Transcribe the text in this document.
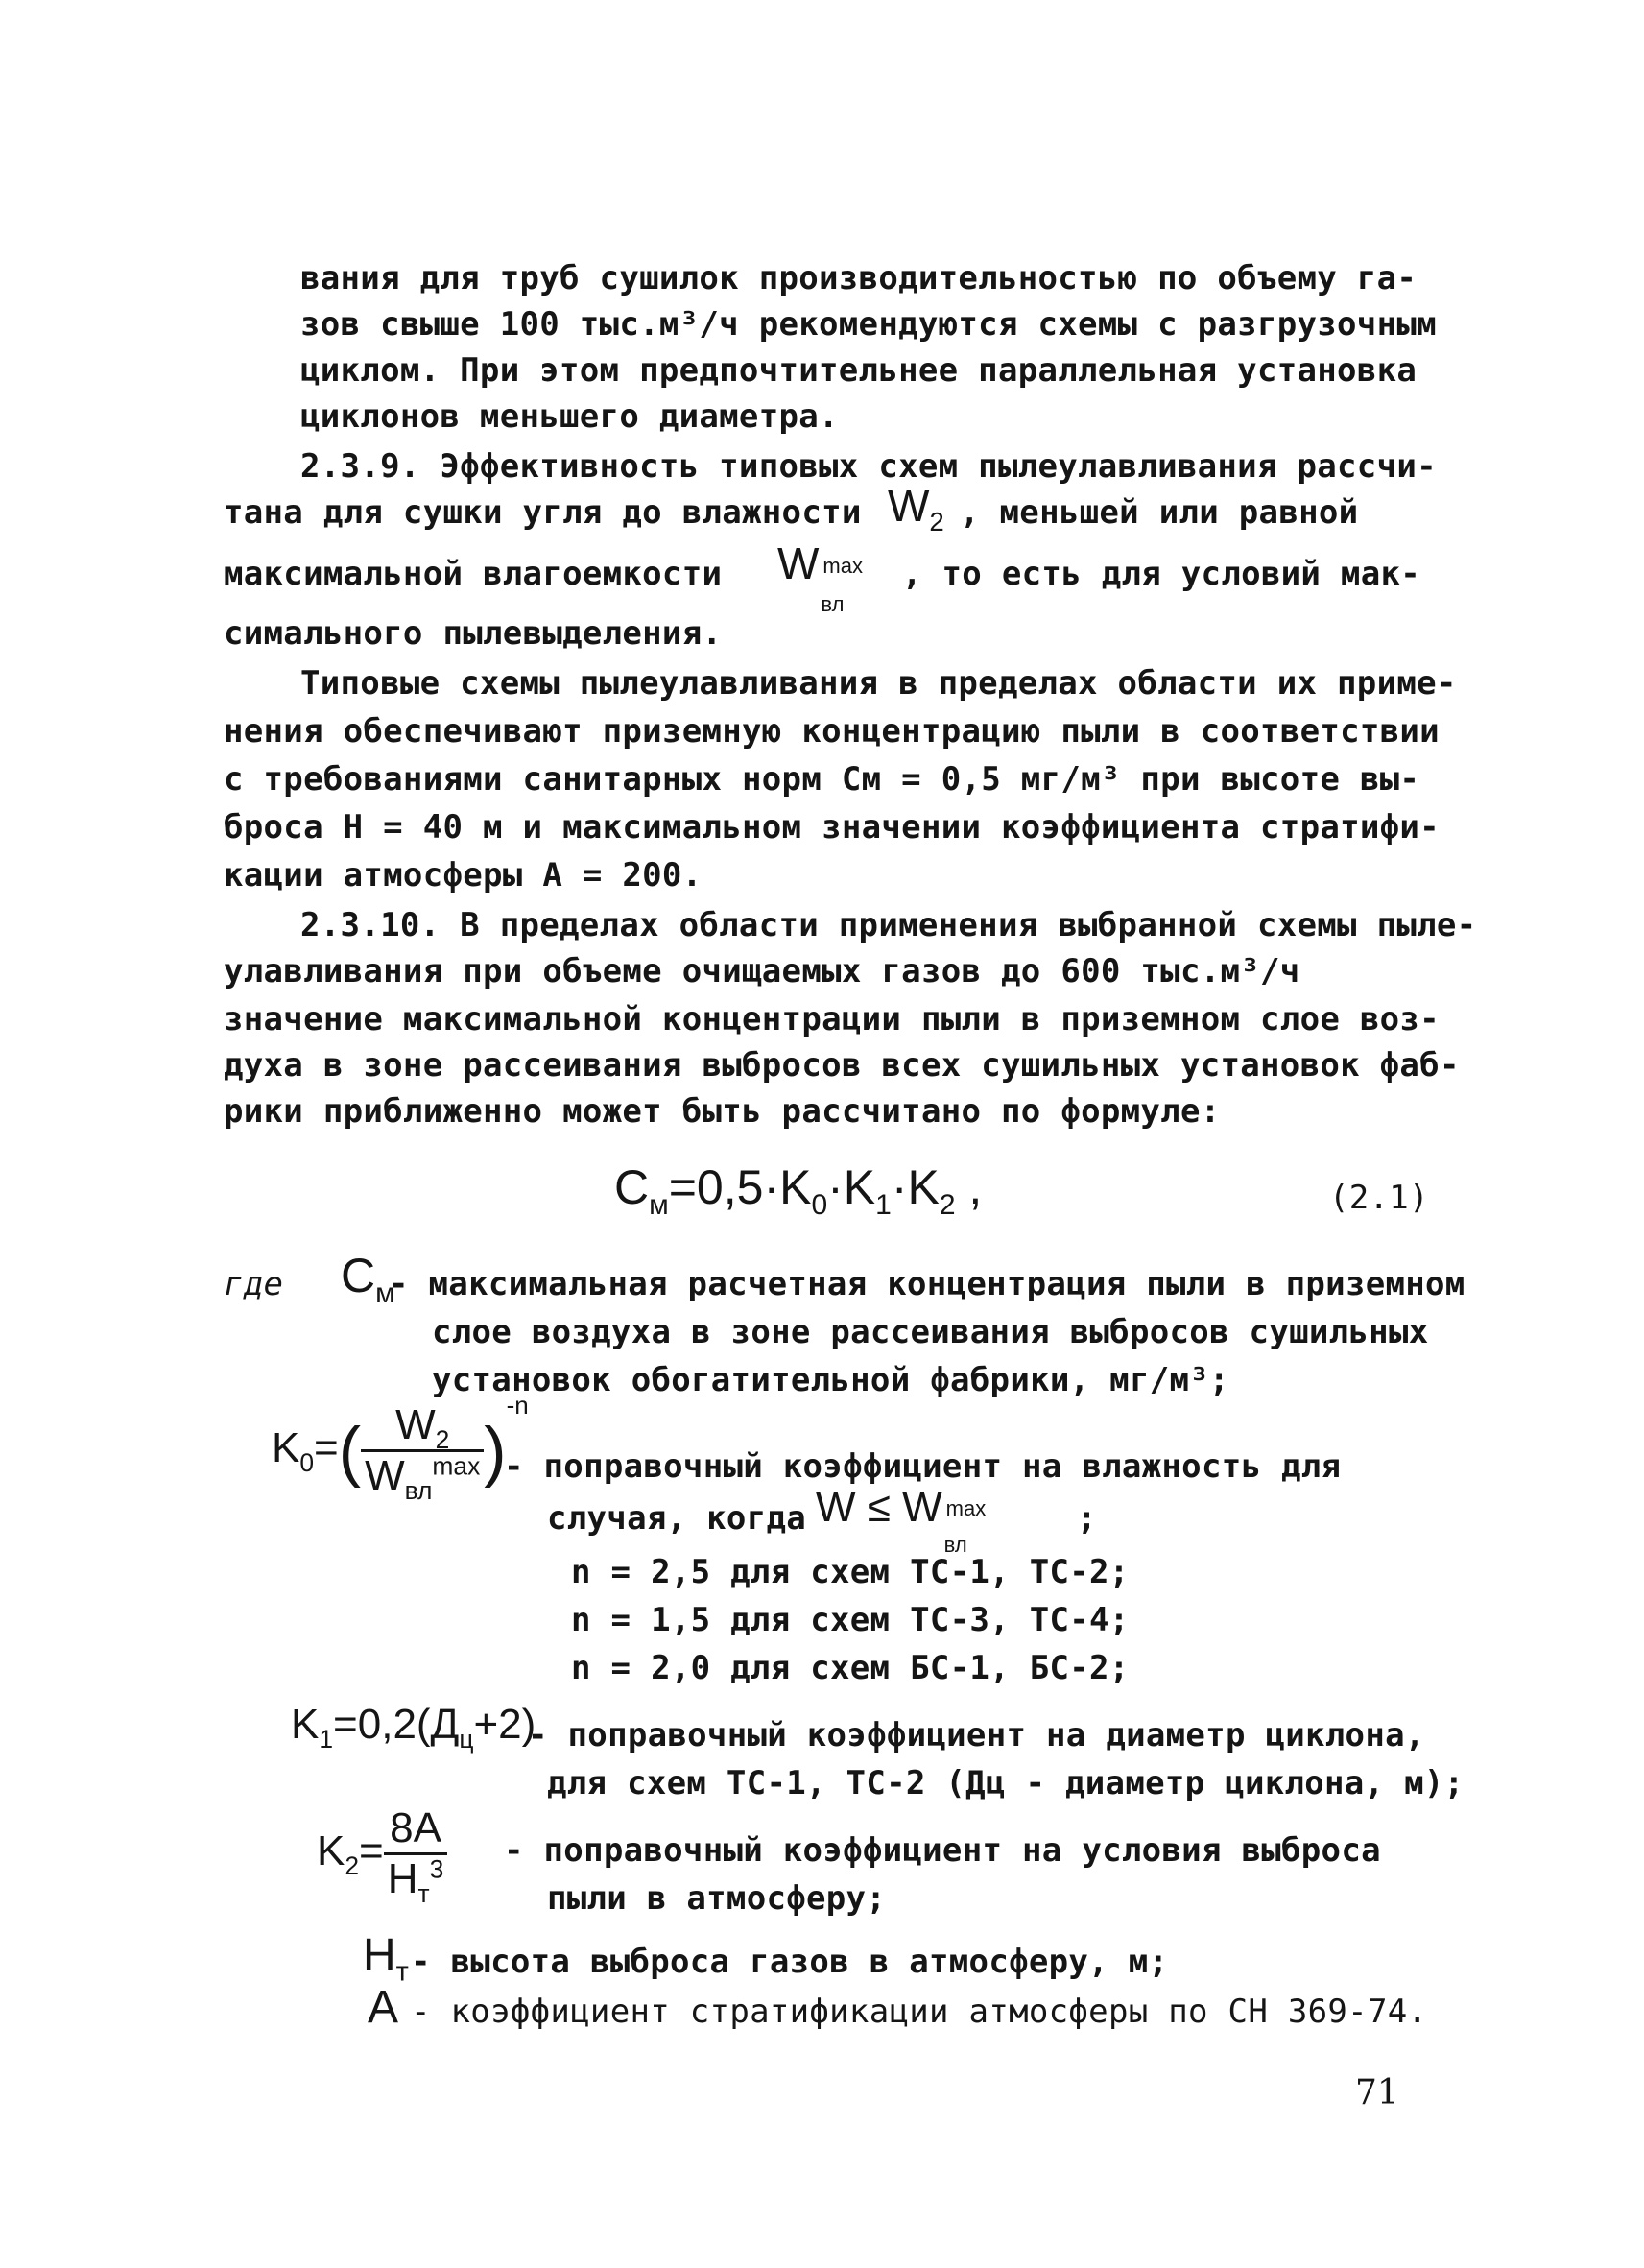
вания для труб сушилок производительностью по объему га-
зов свыше 100 тыс.м³/ч рекомендуются схемы с разгрузочным
циклом. При этом предпочтительнее параллельная установка
циклонов меньшего диаметра.
2.3.9. Эффективность типовых схем пылеулавливания рассчи-
тана для сушки угля до влажности $W_2$ , меньшей или равной
максимальной влагоемкости W max
вл
, то есть для условий мак-
симального пылевыделения.
Типовые схемы пылеулавливания в пределах области их приме-
нения обеспечивают приземную концентрацию пыли в соответствии
с требованиями санитарных норм См = 0,5 мг/м³ при высоте вы-
броса Н = 40 м и максимальном значении коэффициента стратифи-
кации атмосферы А = 200.
2.3.10. В пределах области применения выбранной схемы пыле-
улавливания при объеме очищаемых газов до 600 тыс.м³/ч
значение максимальной концентрации пыли в приземном слое воз-
духа в зоне рассеивания выбросов всех сушильных установок фаб-
рики приближенно может быть рассчитано по формуле:
$C_м=0,5\cdot K_0\cdot K_1\cdot K_2$ ,	(2.1)
где $C_м$
- максимальная расчетная концентрация пыли в приземном
слое воздуха в зоне рассеивания выбросов сушильных
установок обогатительной фабрики, мг/м³;
$K_0=( \frac{W_2}{W_{вл}^{max}} )^{-n}$
- поправочный коэффициент на влажность для
случая, когда W ≤ W max
вл
;
n = 2,5 для схем ТС-1, ТС-2;
n = 1,5 для схем ТС-3, ТС-4;
n = 2,0 для схем БС-1, БС-2;
$K_1=0,2(Д_ц+2)$
- поправочный коэффициент на диаметр циклона,
для схем ТС-1, ТС-2 (Дц - диаметр циклона, м);
$K_2= \frac{8A}{H_т^3}$ - поправочный коэффициент на условия выброса
пыли в атмосферу;
$H_т$ - высота выброса газов в атмосферу, м;
A - коэффициент стратификации атмосферы по СН 369-74.
71
